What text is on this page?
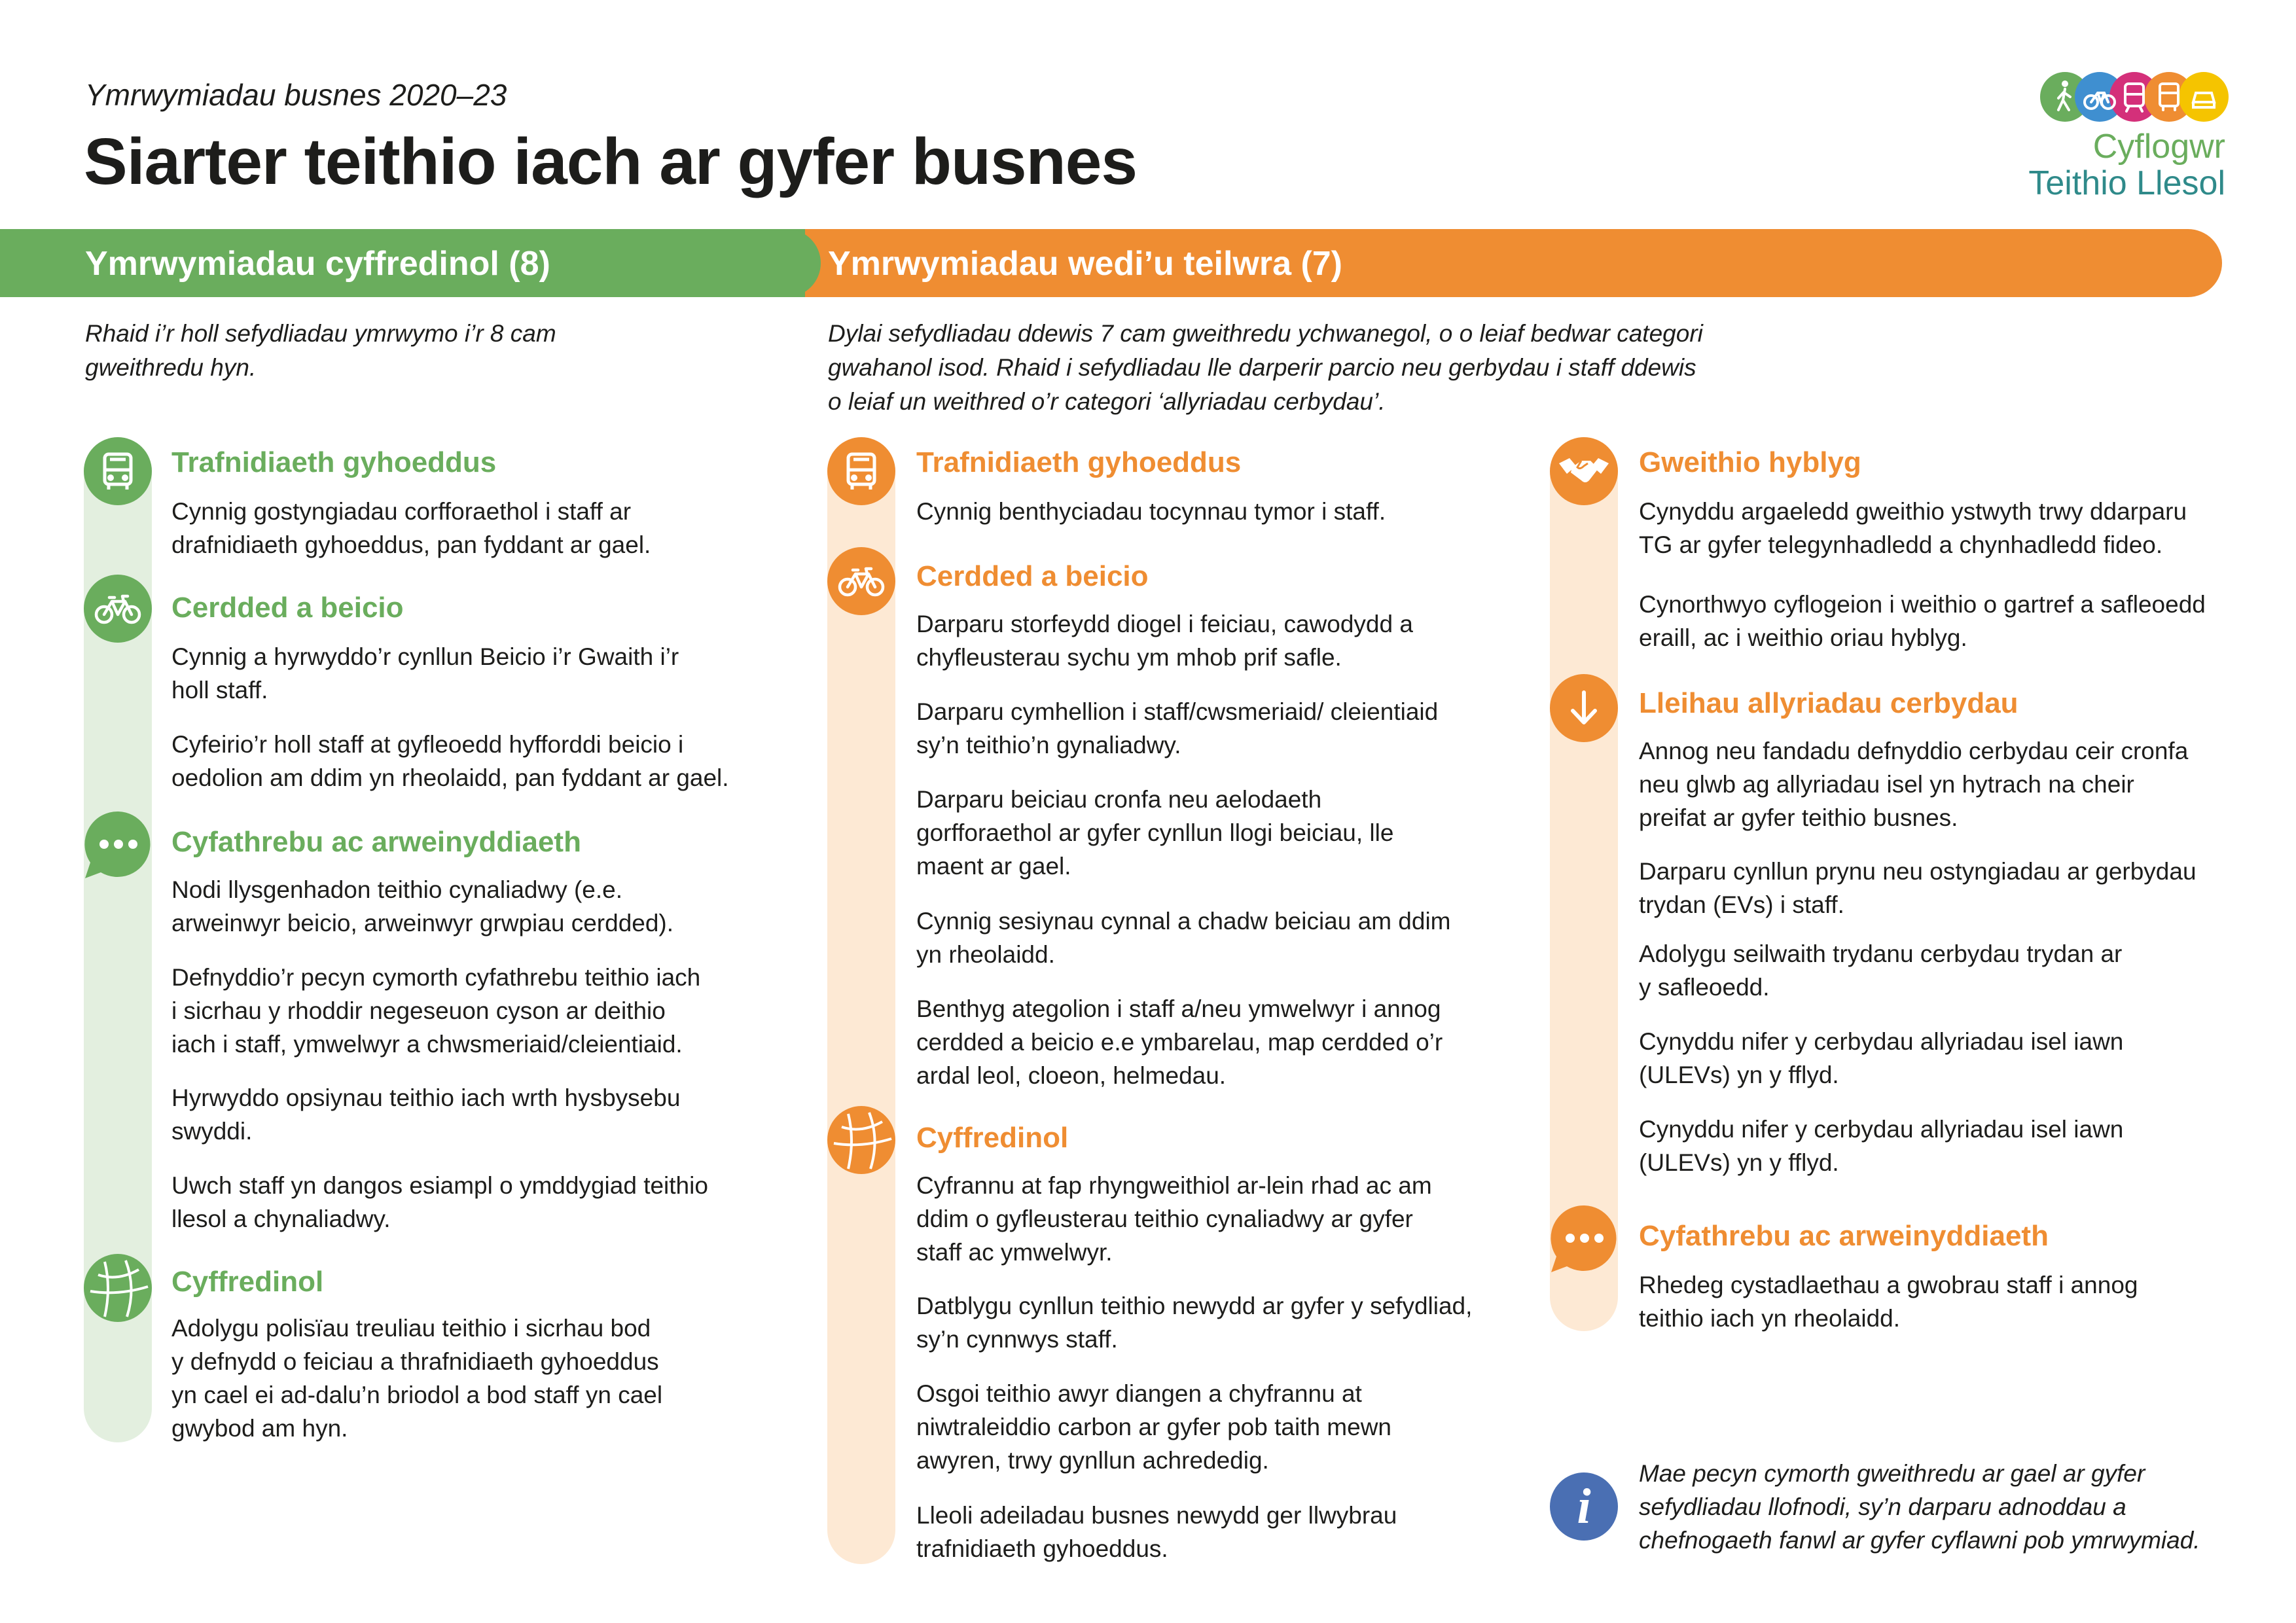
Ymrwymiadau busnes 2020–23
Siarter teithio iach ar gyfer busnes	Cyflogwr
Teithio Llesol
Ymrwymiadau cyffredinol (8)	Ymrwymiadau wedi’u teilwra (7)
Rhaid i’r holl sefydliadau ymrwymo i’r 8 cam
gweithredu hyn.
Dylai sefydliadau ddewis 7 cam gweithredu ychwanegol, o o leiaf bedwar categori
gwahanol isod. Rhaid i sefydliadau lle darperir parcio neu gerbydau i staff ddewis
o leiaf un weithred o’r categori ‘allyriadau cerbydau’.
Trafnidiaeth gyhoeddus
Cynnig gostyngiadau corfforaethol i staff ar
drafnidiaeth gyhoeddus, pan fyddant ar gael.
Cerdded a beicio
Cynnig a hyrwyddo’r cynllun Beicio i’r Gwaith i’r
holl staff.
Cyfeirio’r holl staff at gyfleoedd hyfforddi beicio i
oedolion am ddim yn rheolaidd, pan fyddant ar gael.
Cyfathrebu ac arweinyddiaeth
Nodi llysgenhadon teithio cynaliadwy (e.e.
arweinwyr beicio, arweinwyr grwpiau cerdded).
Defnyddio’r pecyn cymorth cyfathrebu teithio iach
i sicrhau y rhoddir negeseuon cyson ar deithio
iach i staff, ymwelwyr a chwsmeriaid/cleientiaid.
Hyrwyddo opsiynau teithio iach wrth hysbysebu
swyddi.
Uwch staff yn dangos esiampl o ymddygiad teithio
llesol a chynaliadwy.
Cyffredinol
Adolygu polisïau treuliau teithio i sicrhau bod
y defnydd o feiciau a thrafnidiaeth gyhoeddus
yn cael ei ad-dalu’n briodol a bod staff yn cael
gwybod am hyn.
Trafnidiaeth gyhoeddus
Cynnig benthyciadau tocynnau tymor i staff.
Cerdded a beicio
Darparu storfeydd diogel i feiciau, cawodydd a
chyfleusterau sychu ym mhob prif safle.
Darparu cymhellion i staff/cwsmeriaid/ cleientiaid
sy’n teithio’n gynaliadwy.
Darparu beiciau cronfa neu aelodaeth
gorfforaethol ar gyfer cynllun llogi beiciau, lle
maent ar gael.
Cynnig sesiynau cynnal a chadw beiciau am ddim
yn rheolaidd.
Benthyg ategolion i staff a/neu ymwelwyr i annog
cerdded a beicio e.e ymbarelau, map cerdded o’r
ardal leol, cloeon, helmedau.
Cyffredinol
Cyfrannu at fap rhyngweithiol ar-lein rhad ac am
ddim o gyfleusterau teithio cynaliadwy ar gyfer
staff ac ymwelwyr.
Datblygu cynllun teithio newydd ar gyfer y sefydliad,
sy’n cynnwys staff.
Osgoi teithio awyr diangen a chyfrannu at
niwtraleiddio carbon ar gyfer pob taith mewn
awyren, trwy gynllun achrededig.
Lleoli adeiladau busnes newydd ger llwybrau
trafnidiaeth gyhoeddus.
Gweithio hyblyg
Cynyddu argaeledd gweithio ystwyth trwy ddarparu
TG ar gyfer telegynhadledd a chynhadledd fideo.
Cynorthwyo cyflogeion i weithio o gartref a safleoedd
eraill, ac i weithio oriau hyblyg.
Lleihau allyriadau cerbydau
Annog neu fandadu defnyddio cerbydau ceir cronfa
neu glwb ag allyriadau isel yn hytrach na cheir
preifat ar gyfer teithio busnes.
Darparu cynllun prynu neu ostyngiadau ar gerbydau
trydan (EVs) i staff.
Adolygu seilwaith trydanu cerbydau trydan ar
y safleoedd.
Cynyddu nifer y cerbydau allyriadau isel iawn
(ULEVs) yn y fflyd.
Cynyddu nifer y cerbydau allyriadau isel iawn
(ULEVs) yn y fflyd.
Cyfathrebu ac arweinyddiaeth
Rhedeg cystadlaethau a gwobrau staff i annog
teithio iach yn rheolaidd.
i
Mae pecyn cymorth gweithredu ar gael ar gyfer
sefydliadau llofnodi, sy’n darparu adnoddau a
chefnogaeth fanwl ar gyfer cyflawni pob ymrwymiad.
